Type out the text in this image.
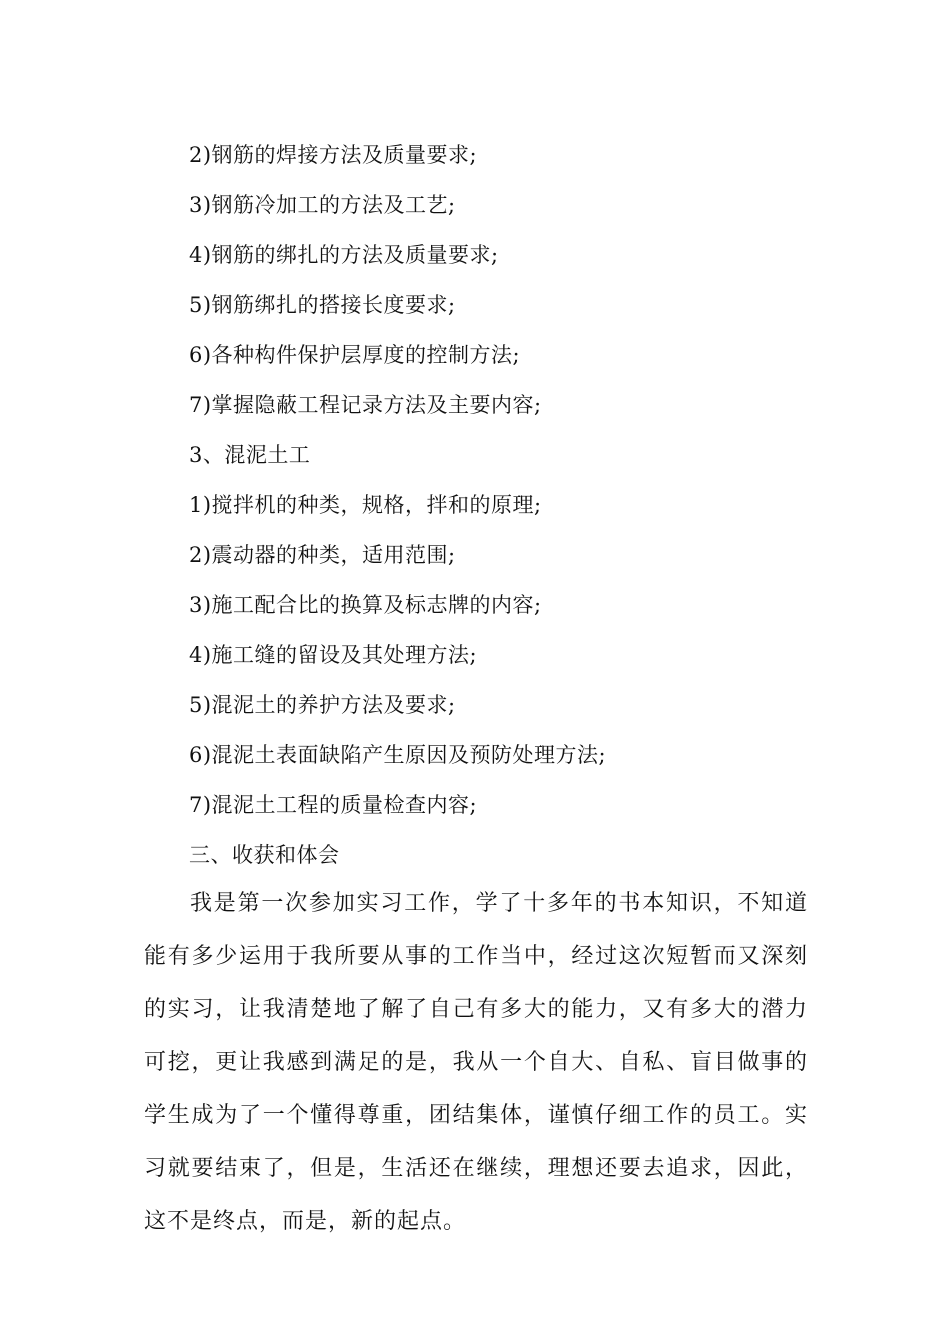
2)钢筋的焊接方法及质量要求;
3)钢筋冷加工的方法及工艺;
4)钢筋的绑扎的方法及质量要求;
5)钢筋绑扎的搭接长度要求;
6)各种构件保护层厚度的控制方法;
7)掌握隐蔽工程记录方法及主要内容;
3、混泥土工
1)搅拌机的种类，规格，拌和的原理;
2)震动器的种类，适用范围;
3)施工配合比的换算及标志牌的内容;
4)施工缝的留设及其处理方法;
5)混泥土的养护方法及要求;
6)混泥土表面缺陷产生原因及预防处理方法;
7)混泥土工程的质量检查内容;
三、收获和体会

我是第一次参加实习工作，学了十多年的书本知识，不知道能有多少运用于我所要从事的工作当中，经过这次短暂而又深刻的实习，让我清楚地了解了自己有多大的能力，又有多大的潜力可挖，更让我感到满足的是，我从一个自大、自私、盲目做事的学生成为了一个懂得尊重，团结集体，谨慎仔细工作的员工。实习就要结束了，但是，生活还在继续，理想还要去追求，因此，这不是终点，而是，新的起点。
